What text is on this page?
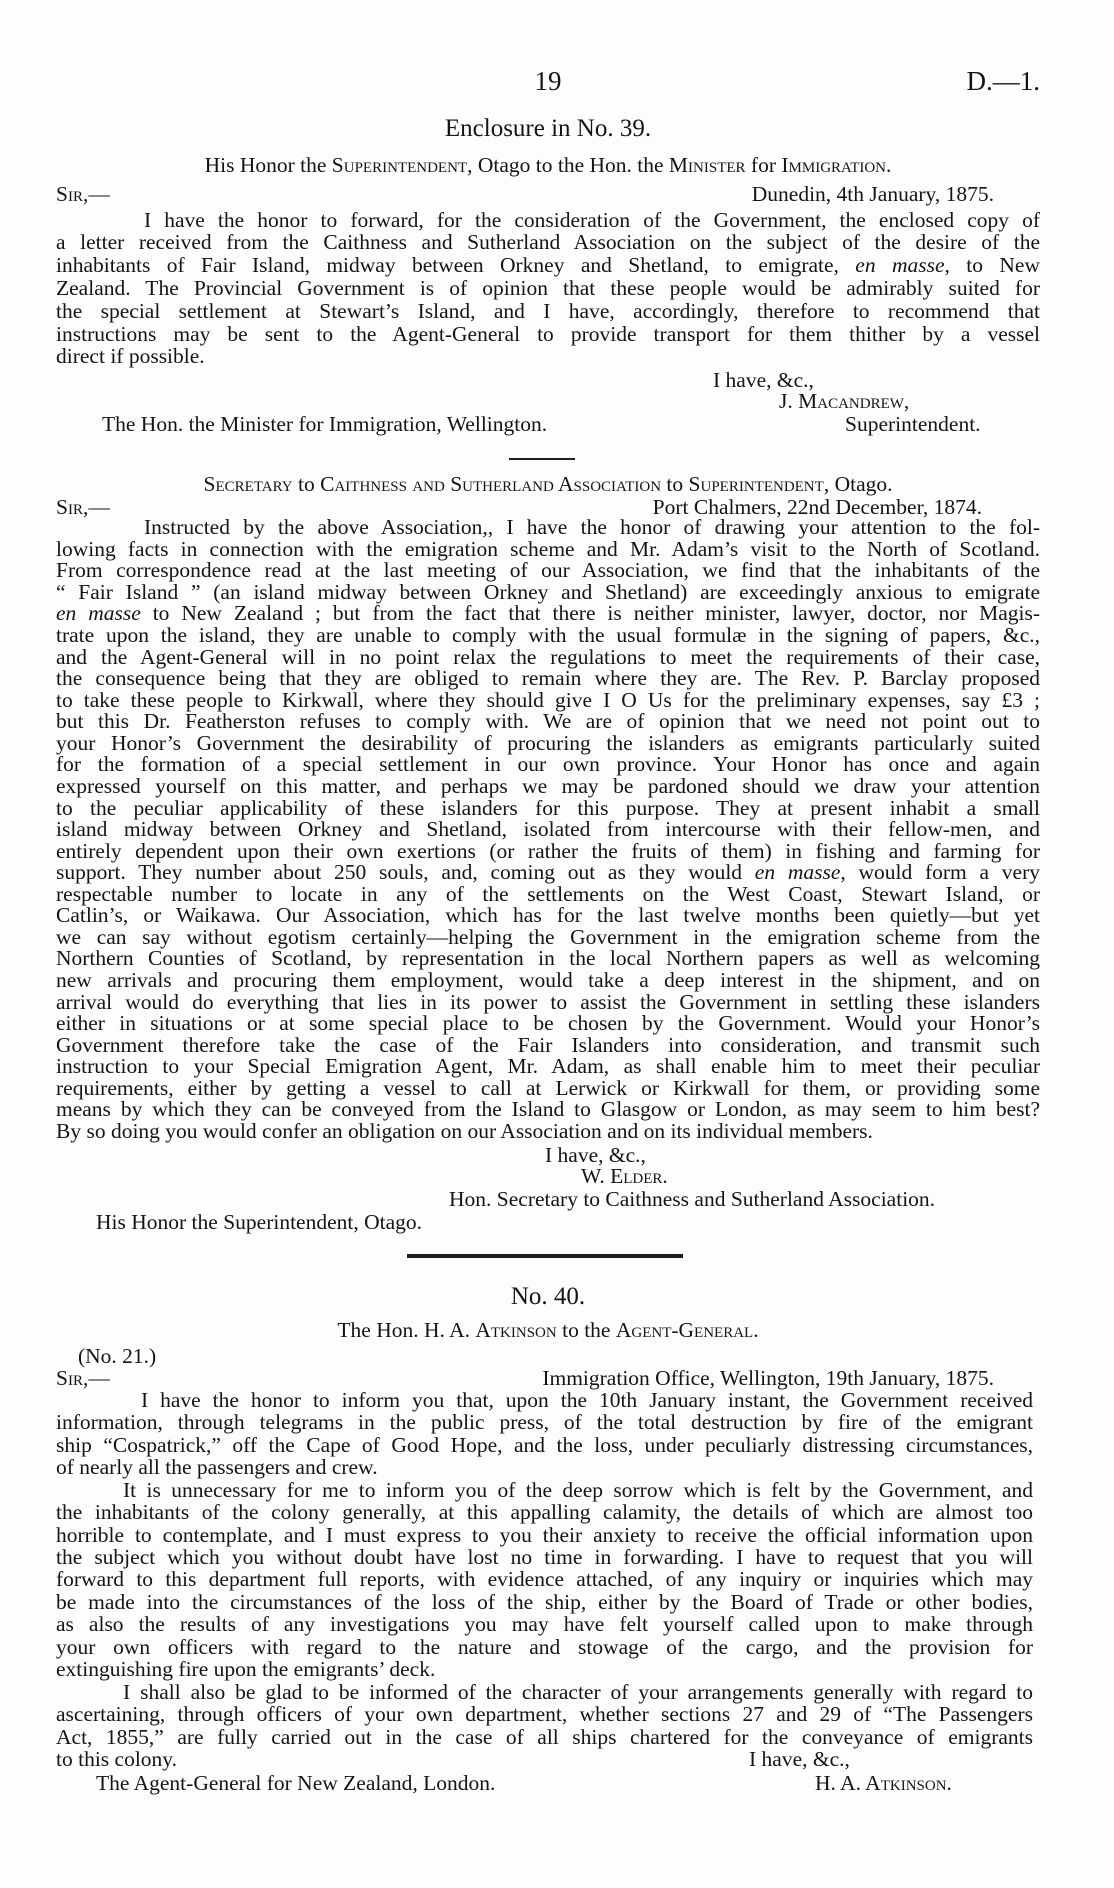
19	D.—1.
Enclosure in No. 39.
His Honor the Superintendent, Otago to the Hon. the Minister for Immigration.
Sir,—	Dunedin, 4th January, 1875.
I have the honor to forward, for the consideration of the Government, the enclosed copy of
a letter received from the Caithness and Sutherland Association on the subject of the desire of the
inhabitants of Fair Island, midway between Orkney and Shetland, to emigrate, en masse, to New
Zealand. The Provincial Government is of opinion that these people would be admirably suited for
the special settlement at Stewart’s Island, and I have, accordingly, therefore to recommend that
instructions may be sent to the Agent-General to provide transport for them thither by a vessel
direct if possible.
I have, &c.,
J. Macandrew,
The Hon. the Minister for Immigration, Wellington.	Superintendent.
Secretary to Caithness and Sutherland Association to Superintendent, Otago.
Sir,—	Port Chalmers, 22nd December, 1874.
Instructed by the above Association,, I have the honor of drawing your attention to the fol-
lowing facts in connection with the emigration scheme and Mr. Adam’s visit to the North of Scotland.
From correspondence read at the last meeting of our Association, we find that the inhabitants of the
“ Fair Island ” (an island midway between Orkney and Shetland) are exceedingly anxious to emigrate
en masse to New Zealand ; but from the fact that there is neither minister, lawyer, doctor, nor Magis-
trate upon the island, they are unable to comply with the usual formulæ in the signing of papers, &c.,
and the Agent-General will in no point relax the regulations to meet the requirements of their case,
the consequence being that they are obliged to remain where they are. The Rev. P. Barclay proposed
to take these people to Kirkwall, where they should give I O Us for the preliminary expenses, say £3 ;
but this Dr. Featherston refuses to comply with. We are of opinion that we need not point out to
your Honor’s Government the desirability of procuring the islanders as emigrants particularly suited
for the formation of a special settlement in our own province. Your Honor has once and again
expressed yourself on this matter, and perhaps we may be pardoned should we draw your attention
to the peculiar applicability of these islanders for this purpose. They at present inhabit a small
island midway between Orkney and Shetland, isolated from intercourse with their fellow-men, and
entirely dependent upon their own exertions (or rather the fruits of them) in fishing and farming for
support. They number about 250 souls, and, coming out as they would en masse, would form a very
respectable number to locate in any of the settlements on the West Coast, Stewart Island, or
Catlin’s, or Waikawa. Our Association, which has for the last twelve months been quietly—but yet
we can say without egotism certainly—helping the Government in the emigration scheme from the
Northern Counties of Scotland, by representation in the local Northern papers as well as welcoming
new arrivals and procuring them employment, would take a deep interest in the shipment, and on
arrival would do everything that lies in its power to assist the Government in settling these islanders
either in situations or at some special place to be chosen by the Government. Would your Honor’s
Government therefore take the case of the Fair Islanders into consideration, and transmit such
instruction to your Special Emigration Agent, Mr. Adam, as shall enable him to meet their peculiar
requirements, either by getting a vessel to call at Lerwick or Kirkwall for them, or providing some
means by which they can be conveyed from the Island to Glasgow or London, as may seem to him best?
By so doing you would confer an obligation on our Association and on its individual members.
I have, &c.,
W. Elder.
Hon. Secretary to Caithness and Sutherland Association.
His Honor the Superintendent, Otago.
No. 40.
The Hon. H. A. Atkinson to the Agent-General.
(No. 21.)
Sir,—	Immigration Office, Wellington, 19th January, 1875.
I have the honor to inform you that, upon the 10th January instant, the Government received
information, through telegrams in the public press, of the total destruction by fire of the emigrant
ship “Cospatrick,” off the Cape of Good Hope, and the loss, under peculiarly distressing circumstances,
of nearly all the passengers and crew.
It is unnecessary for me to inform you of the deep sorrow which is felt by the Government, and
the inhabitants of the colony generally, at this appalling calamity, the details of which are almost too
horrible to contemplate, and I must express to you their anxiety to receive the official information upon
the subject which you without doubt have lost no time in forwarding. I have to request that you will
forward to this department full reports, with evidence attached, of any inquiry or inquiries which may
be made into the circumstances of the loss of the ship, either by the Board of Trade or other bodies,
as also the results of any investigations you may have felt yourself called upon to make through
your own officers with regard to the nature and stowage of the cargo, and the provision for
extinguishing fire upon the emigrants’ deck.
I shall also be glad to be informed of the character of your arrangements generally with regard to
ascertaining, through officers of your own department, whether sections 27 and 29 of “The Passengers
Act, 1855,” are fully carried out in the case of all ships chartered for the conveyance of emigrants
to this colony.	I have, &c.,
The Agent-General for New Zealand, London.	H. A. Atkinson.
